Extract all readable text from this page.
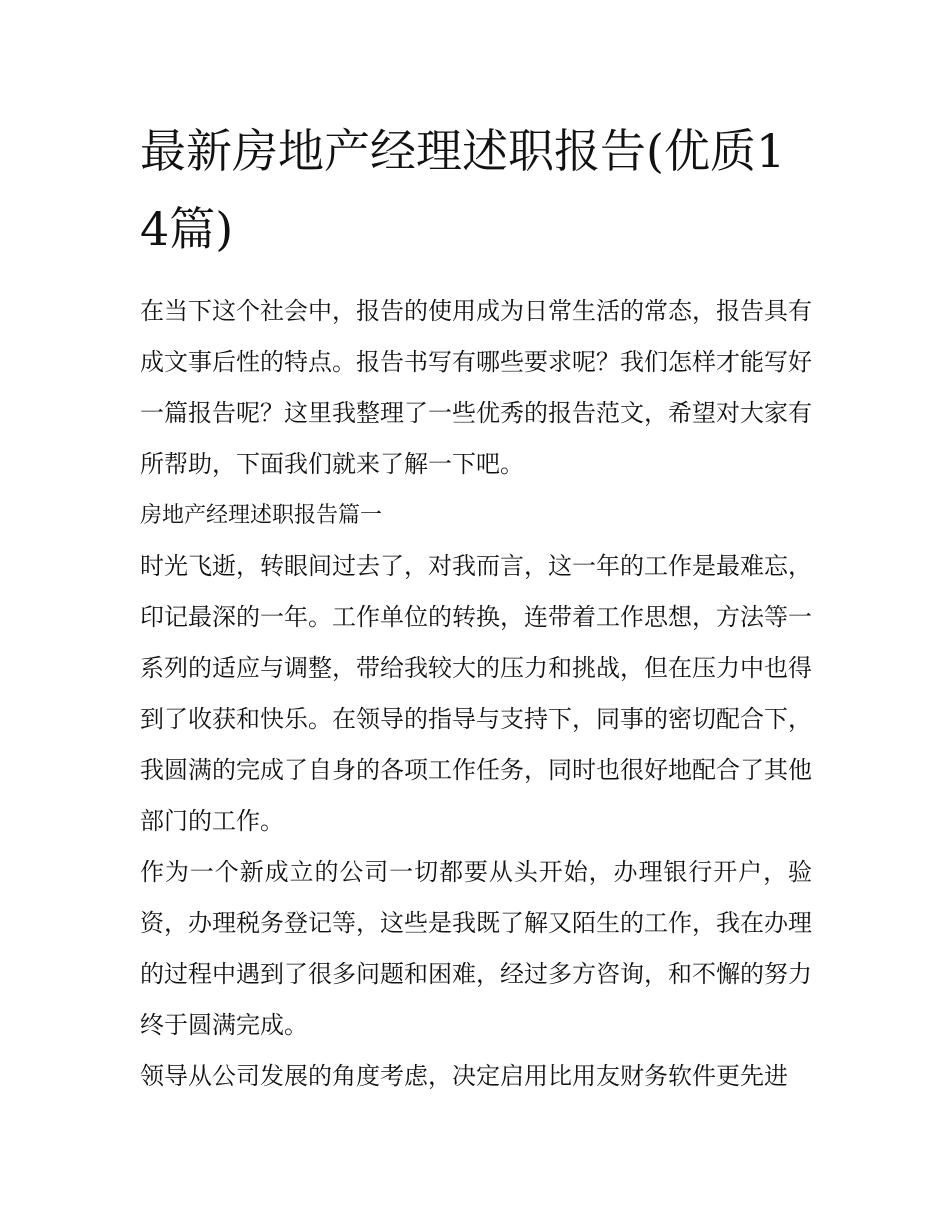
最新房地产经理述职报告(优质14篇)

在当下这个社会中，报告的使用成为日常生活的常态，报告具有成文事后性的特点。报告书写有哪些要求呢？我们怎样才能写好一篇报告呢？这里我整理了一些优秀的报告范文，希望对大家有所帮助，下面我们就来了解一下吧。

房地产经理述职报告篇一

时光飞逝，转眼间过去了，对我而言，这一年的工作是最难忘，印记最深的一年。工作单位的转换，连带着工作思想，方法等一系列的适应与调整，带给我较大的压力和挑战，但在压力中也得到了收获和快乐。在领导的指导与支持下，同事的密切配合下，我圆满的完成了自身的各项工作任务，同时也很好地配合了其他部门的工作。

作为一个新成立的公司一切都要从头开始，办理银行开户，验资，办理税务登记等，这些是我既了解又陌生的工作，我在办理的过程中遇到了很多问题和困难，经过多方咨询，和不懈的努力终于圆满完成。

领导从公司发展的角度考虑，决定启用比用友财务软件更先进
